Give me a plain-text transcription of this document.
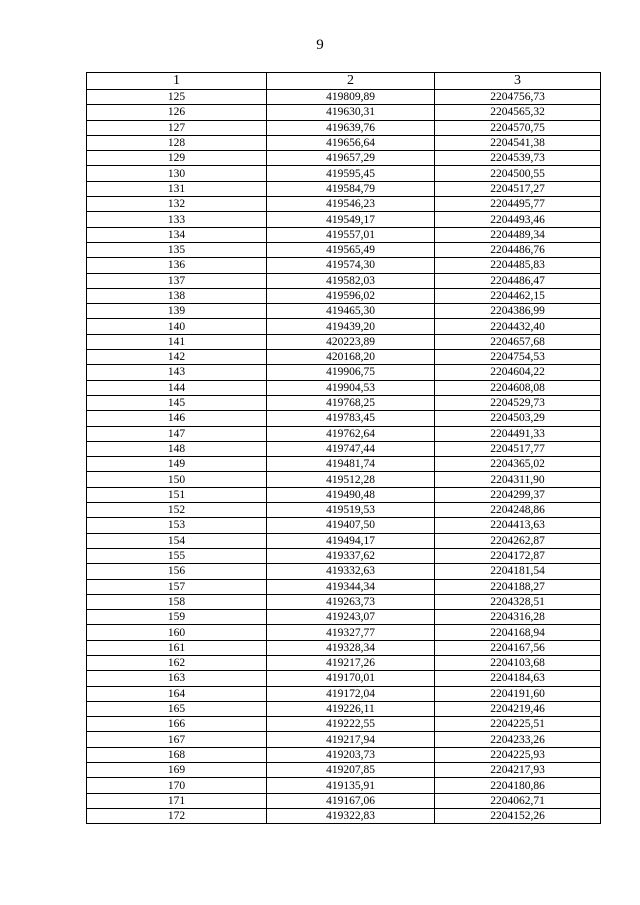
9
1	2	3
125	419809,89	2204756,73
126	419630,31	2204565,32
127	419639,76	2204570,75
128	419656,64	2204541,38
129	419657,29	2204539,73
130	419595,45	2204500,55
131	419584,79	2204517,27
132	419546,23	2204495,77
133	419549,17	2204493,46
134	419557,01	2204489,34
135	419565,49	2204486,76
136	419574,30	2204485,83
137	419582,03	2204486,47
138	419596,02	2204462,15
139	419465,30	2204386,99
140	419439,20	2204432,40
141	420223,89	2204657,68
142	420168,20	2204754,53
143	419906,75	2204604,22
144	419904,53	2204608,08
145	419768,25	2204529,73
146	419783,45	2204503,29
147	419762,64	2204491,33
148	419747,44	2204517,77
149	419481,74	2204365,02
150	419512,28	2204311,90
151	419490,48	2204299,37
152	419519,53	2204248,86
153	419407,50	2204413,63
154	419494,17	2204262,87
155	419337,62	2204172,87
156	419332,63	2204181,54
157	419344,34	2204188,27
158	419263,73	2204328,51
159	419243,07	2204316,28
160	419327,77	2204168,94
161	419328,34	2204167,56
162	419217,26	2204103,68
163	419170,01	2204184,63
164	419172,04	2204191,60
165	419226,11	2204219,46
166	419222,55	2204225,51
167	419217,94	2204233,26
168	419203,73	2204225,93
169	419207,85	2204217,93
170	419135,91	2204180,86
171	419167,06	2204062,71
172	419322,83	2204152,26
